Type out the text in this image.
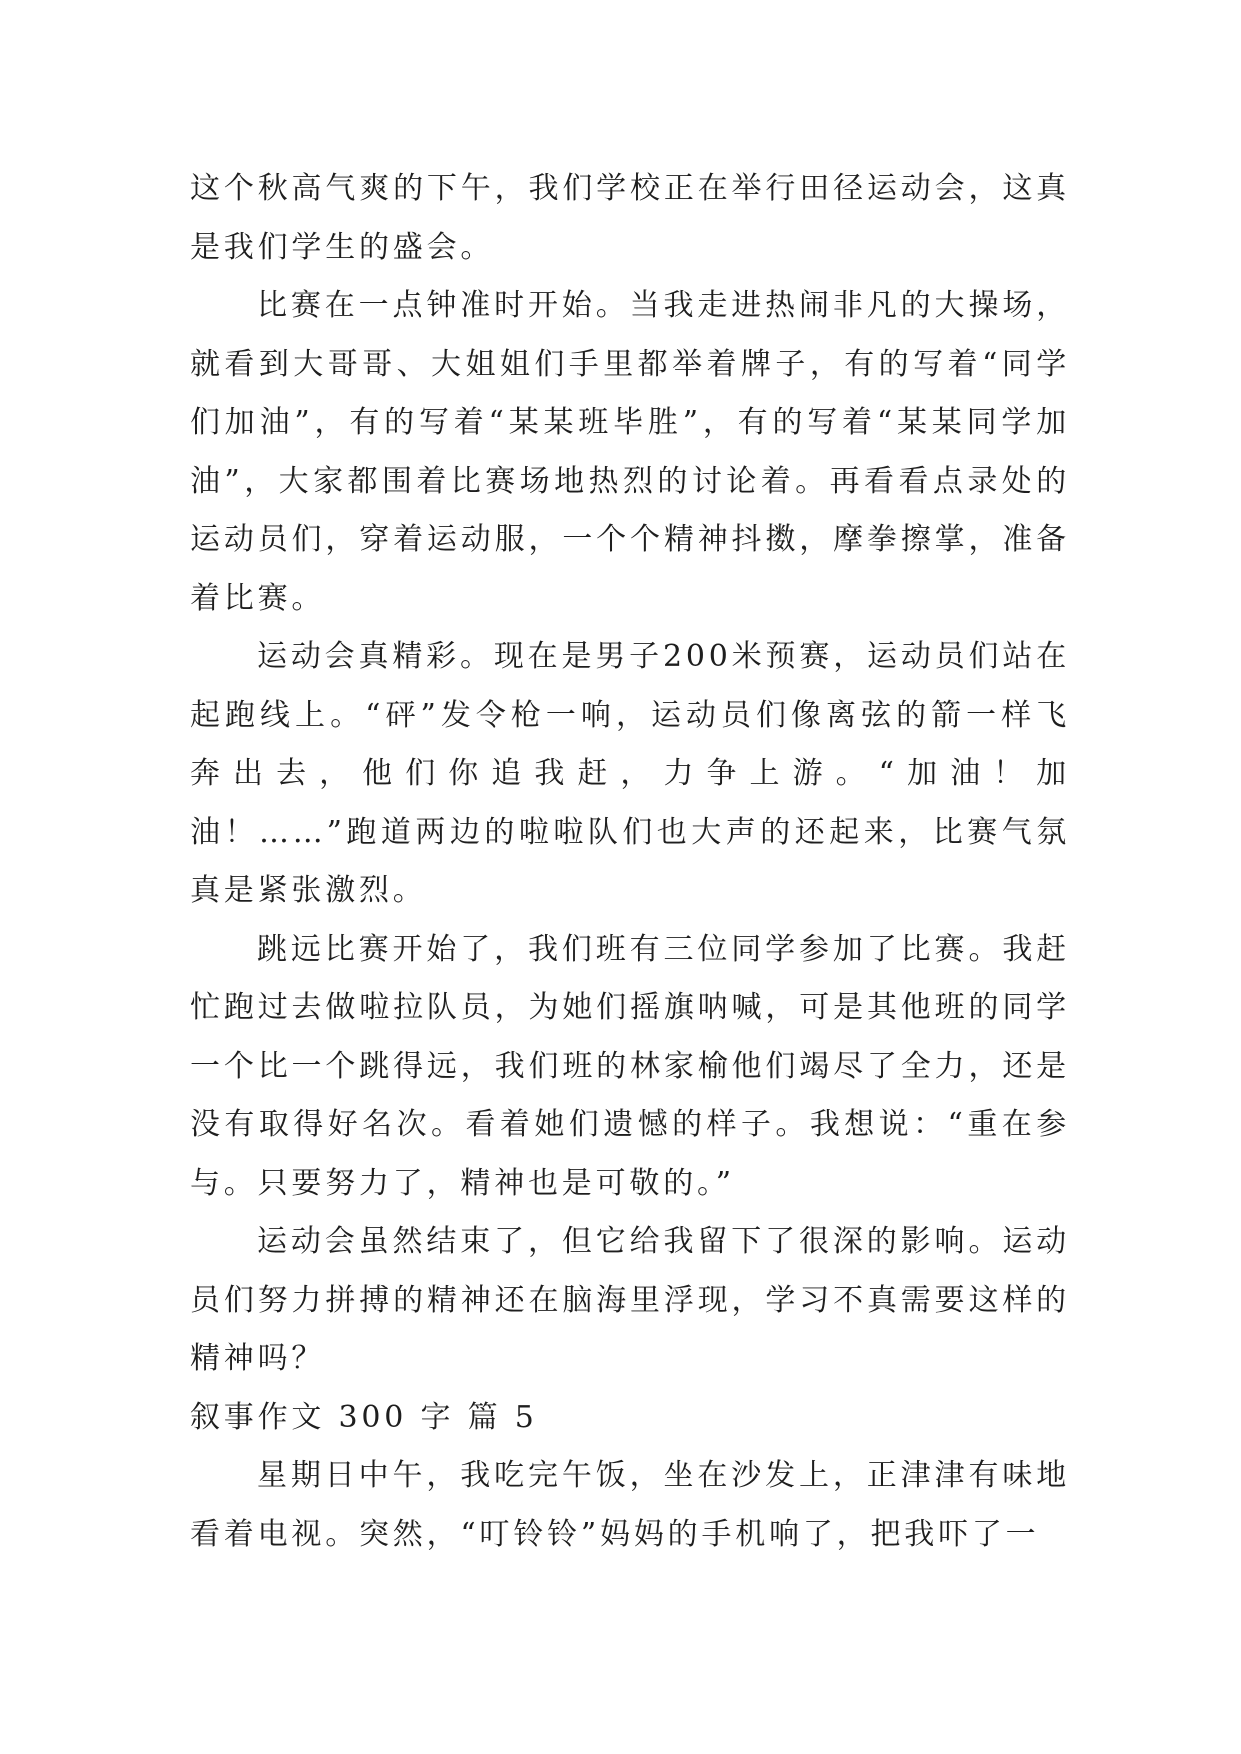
这个秋高气爽的下午，我们学校正在举行田径运动会，这真是我们学生的盛会。

比赛在一点钟准时开始。当我走进热闹非凡的大操场，就看到大哥哥、大姐姐们手里都举着牌子，有的写着“同学们加油”，有的写着“某某班毕胜”，有的写着“某某同学加油”，大家都围着比赛场地热烈的讨论着。再看看点录处的运动员们，穿着运动服，一个个精神抖擞，摩拳擦掌，准备着比赛。

运动会真精彩。现在是男子200米预赛，运动员们站在起跑线上。“砰”发令枪一响，运动员们像离弦的箭一样飞奔出去，他们你追我赶，力争上游。“加油！加油！……”跑道两边的啦啦队们也大声的还起来，比赛气氛真是紧张激烈。

跳远比赛开始了，我们班有三位同学参加了比赛。我赶忙跑过去做啦拉队员，为她们摇旗呐喊，可是其他班的同学一个比一个跳得远，我们班的林家榆他们竭尽了全力，还是没有取得好名次。看着她们遗憾的样子。我想说：“重在参与。只要努力了，精神也是可敬的。”

运动会虽然结束了，但它给我留下了很深的影响。运动员们努力拼搏的精神还在脑海里浮现，学习不真需要这样的精神吗？

叙事作文 300 字 篇 5

星期日中午，我吃完午饭，坐在沙发上，正津津有味地看着电视。突然，“叮铃铃”妈妈的手机响了，把我吓了一
